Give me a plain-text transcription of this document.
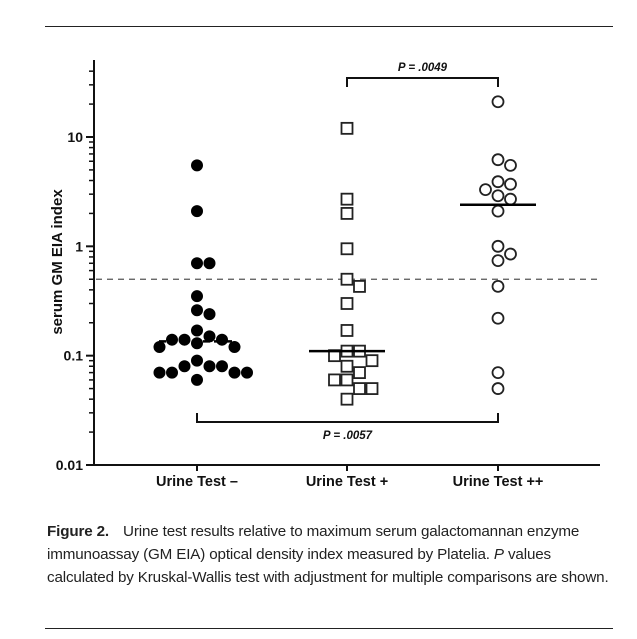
0.01
0.1
1
10
Urine Test –	Urine Test +	Urine Test ++
P = .0049
P = .0057
serum GM EIA index
Figure 2. Urine test results relative to maximum serum galactomannan enzyme immunoassay (GM EIA) optical density index measured by Platelia. P values calculated by Kruskal-Wallis test with adjustment for multiple comparisons are shown.
